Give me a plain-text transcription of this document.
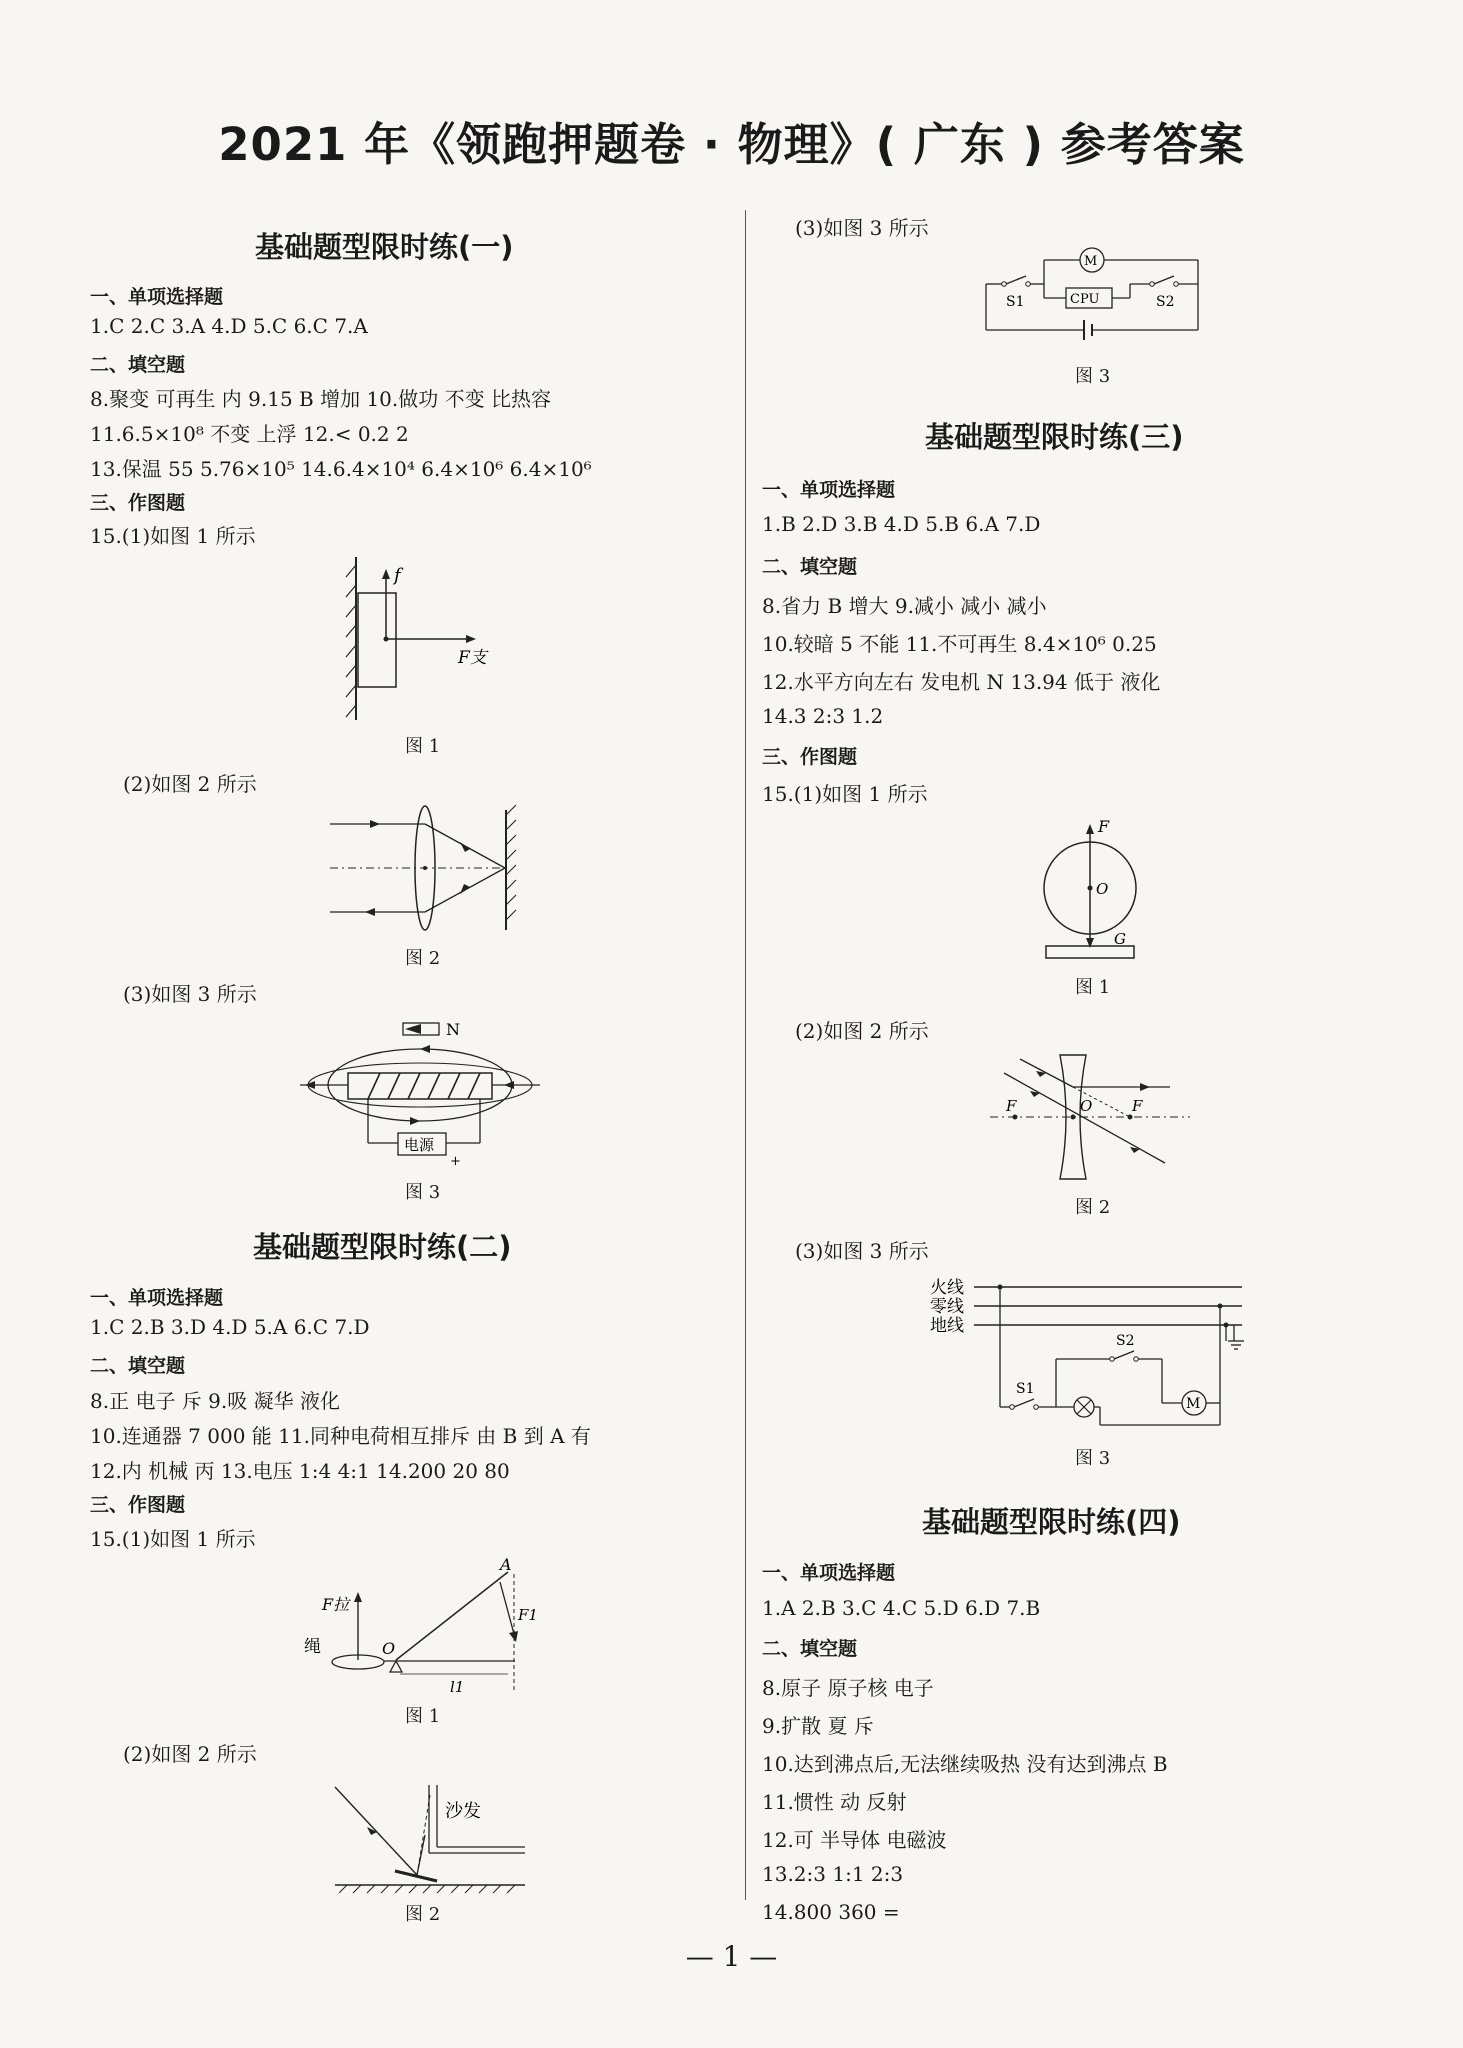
2021 年《领跑押题卷 · 物理》( 广东 ) 参考答案
基础题型限时练(一)
一、单项选择题
1.C 2.C 3.A 4.D 5.C 6.C 7.A
二、填空题
8.聚变 可再生 内 9.15 B 增加 10.做功 不变 比热容
11.6.5×10⁸ 不变 上浮 12.< 0.2 2
13.保温 55 5.76×10⁵ 14.6.4×10⁴ 6.4×10⁶ 6.4×10⁶
三、作图题
15.(1)如图 1 所示
f
F支
图 1
(2)如图 2 所示
图 2
(3)如图 3 所示
N
电源
+
图 3
基础题型限时练(二)
一、单项选择题
1.C 2.B 3.D 4.D 5.A 6.C 7.D
二、填空题
8.正 电子 斥 9.吸 凝华 液化
10.连通器 7 000 能 11.同种电荷相互排斥 由 B 到 A 有
12.内 机械 丙 13.电压 1:4 4:1 14.200 20 80
三、作图题
15.(1)如图 1 所示
F拉
绳	O
A
F1
l1
图 1
(2)如图 2 所示
沙发
图 2
(3)如图 3 所示
S1
M
CPU	S2
图 3
基础题型限时练(三)
一、单项选择题
1.B 2.D 3.B 4.D 5.B 6.A 7.D
二、填空题
8.省力 B 增大 9.减小 减小 减小
10.较暗 5 不能 11.不可再生 8.4×10⁶ 0.25
12.水平方向左右 发电机 N 13.94 低于 液化
14.3 2:3 1.2
三、作图题
15.(1)如图 1 所示
F
O
G
图 1
(2)如图 2 所示
F	O	F
图 2
(3)如图 3 所示
火线
零线
地线
S1
S2
M
图 3
基础题型限时练(四)
一、单项选择题
1.A 2.B 3.C 4.C 5.D 6.D 7.B
二、填空题
8.原子 原子核 电子
9.扩散 夏 斥
10.达到沸点后,无法继续吸热 没有达到沸点 B
11.惯性 动 反射
12.可 半导体 电磁波
13.2:3 1:1 2:3
14.800 360 =
— 1 —
